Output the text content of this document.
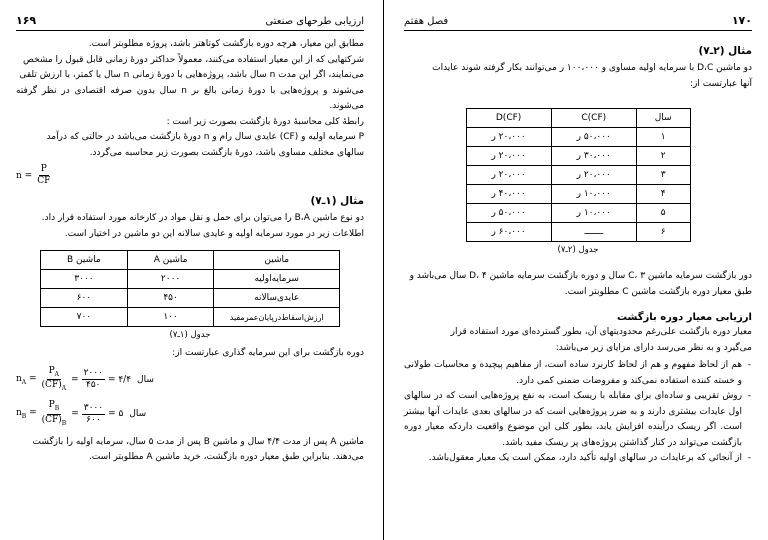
ارزیابی طرحهای صنعتی
۱۶۹

مطابق این معیار، هرچه دوره بازگشت کوتاهتر باشد، پروژه مطلوبتر است.

شرکتهایی که از این معیار استفاده می‌کنند، معمولاً حداکثر دورهٔ زمانی قابل قبول را مشخص

می‌نمایند، اگر این مدت n سال باشد، پروژه‌هایی با دورهٔ زمانی n سال یا کمتر، با ارزش تلقی

می‌شوند و پروژه‌هایی با دورهٔ زمانی بالغ بر n سال بدون صرفه اقتصادی در نظر گرفته می‌شوند.

رابطهٔ کلی محاسبهٔ دورهٔ بازگشت بصورت زیر است :

P سرمایه اولیه و (CF) عایدی سال رام و n دورهٔ بازگشت می‌باشد در حالتی که درآمد

سالهای مختلف مساوی باشد، دورهٔ بازگشت بصورت زیر محاسبه می‌گردد.

$n = \frac{P}{CF}$
مثال (۱ـ۷)

دو نوع ماشین B،A را می‌توان برای حمل و نقل مواد در کارخانه مورد استفاده قرار داد.

اطلاعات زیر در مورد سرمایه اولیه و عایدی سالانه این دو ماشین در اختیار است.

ماشین	ماشین A	ماشین B
سرمایه‌اولیه	۲۰۰۰	۳۰۰۰
عایدی‌سالانه	۴۵۰	۶۰۰
ارزش‌اسقاط‌درپایان‌عمرمفید	۱۰۰	۷۰۰
جدول (۱ـ۷)

دوره بازگشت برای این سرمایه گذاری عبارتست از:

$n_A = \frac{P_A}{(CF)_A} = \frac{۲۰۰۰}{۴۵۰}$ = ۴/۴ سال
$n_B = \frac{P_B}{(CF)_B} = \frac{۳۰۰۰}{۶۰۰}$ = ۵ سال

ماشین A پس از مدت ۴/۴ سال و ماشین B پس از مدت ۵ سال، سرمایه اولیه را بازگشت

می‌دهند. بنابراین طبق معیار دوره بازگشت، خرید ماشین A مطلوبتر است.

۱۷۰
فصل هفتم
مثال (۲ـ۷)

دو ماشین D،C با سرمایه اولیه مساوی و ۱۰۰،۰۰۰ ر می‌توانند بکار گرفته شوند عایدات

آنها عبارتست از:

سال	(CF)C	(CF)D
۱	۵۰،۰۰۰ ر	۲۰،۰۰۰ ر
۲	۳۰،۰۰۰ ر	۲۰،۰۰۰ ر
۳	۲۰،۰۰۰ ر	۲۰،۰۰۰ ر
۴	۱۰،۰۰۰ ر	۴۰،۰۰۰ ر
۵	۱۰،۰۰۰ ر	۵۰،۰۰۰ ر
۶	ـــــــ	۶۰،۰۰۰ ر
جدول (۲ـ۷)

دور بازگشت سرمایه ماشین C، ۳ سال و دوره بازگشت سرمایه ماشین D، ۴ سال می‌باشد و

طبق معیار دوره بازگشت ماشین C مطلوبتر است.

ارزیابی معیار دوره بازگشت

معیار دوره بازگشت علی‌رغم محدودیتهای آن، بطور گسترده‌ای مورد استفاده قرار

می‌گیرد و به نظر می‌رسد دارای مزایای زیر می‌باشد:

- هم از لحاظ مفهوم و هم از لحاظ کاربرد ساده است، از مفاهیم پیچیده و محاسبات طولانی و خسته کننده استفاده نمی‌کند و مفروضات ضمنی کمی دارد.
- روش تقریبی و ساده‌ای برای مقابله با ریسک است، به نفع پروژه‌هایی است که در سالهای اول عایدات بیشتری دارند و به ضرر پروژه‌هایی است که در سالهای بعدی عایدات آنها بیشتر است. اگر ریسک درآینده افزایش یابد، بطور کلی این موضوع واقعیت داردکه معیار دوره بازگشت می‌تواند در کنار گذاشتن پروژه‌های پر ریسک مفید باشد.
- از آنجائی که برعایدات در سالهای اولیه تأکید دارد، ممکن است یک معیار معقول‌باشد.
